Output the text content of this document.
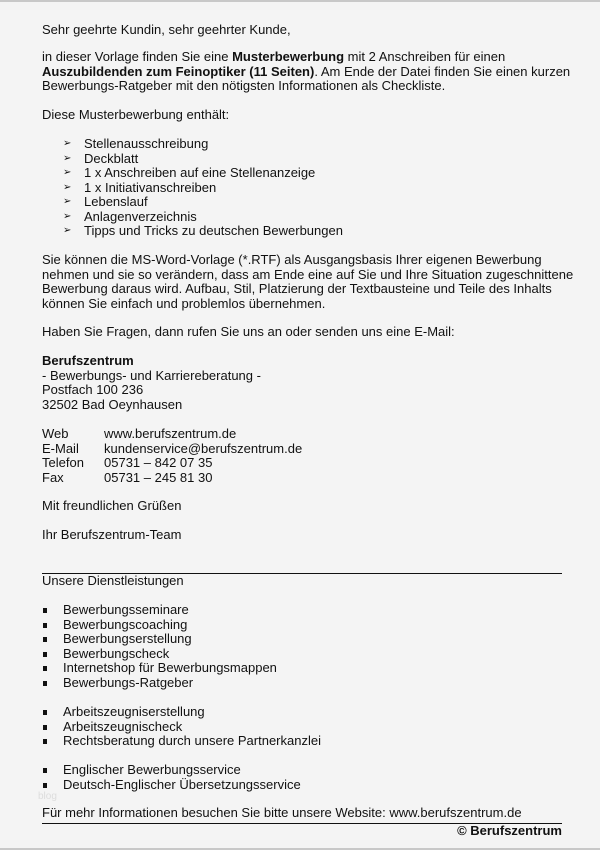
Sehr geehrte Kundin, sehr geehrter Kunde,
in dieser Vorlage finden Sie eine Musterbewerbung mit 2 Anschreiben für einen
Auszubildenden zum Feinoptiker (11 Seiten). Am Ende der Datei finden Sie einen kurzen
Bewerbungs-Ratgeber mit den nötigsten Informationen als Checkliste.
Diese Musterbewerbung enthält:
➢ Stellenausschreibung
➢ Deckblatt
➢ 1 x Anschreiben auf eine Stellenanzeige
➢ 1 x Initiativanschreiben
➢ Lebenslauf
➢ Anlagenverzeichnis
➢ Tipps und Tricks zu deutschen Bewerbungen
Sie können die MS-Word-Vorlage (*.RTF) als Ausgangsbasis Ihrer eigenen Bewerbung
nehmen und sie so verändern, dass am Ende eine auf Sie und Ihre Situation zugeschnittene
Bewerbung daraus wird. Aufbau, Stil, Platzierung der Textbausteine und Teile des Inhalts
können Sie einfach und problemlos übernehmen.
Haben Sie Fragen, dann rufen Sie uns an oder senden uns eine E-Mail:
Berufszentrum
- Bewerbungs- und Karriereberatung -
Postfach 100 236
32502 Bad Oeynhausen
Web	www.berufszentrum.de
E-Mail	kundenservice@berufszentrum.de
Telefon	05731 – 842 07 35
Fax	05731 – 245 81 30
Mit freundlichen Grüßen
Ihr Berufszentrum-Team
Unsere Dienstleistungen
Bewerbungsseminare
Bewerbungscoaching
Bewerbungserstellung
Bewerbungscheck
Internetshop für Bewerbungsmappen
Bewerbungs-Ratgeber
Arbeitszeugniserstellung
Arbeitszeugnischeck
Rechtsberatung durch unsere Partnerkanzlei
Englischer Bewerbungsservice
Deutsch-Englischer Übersetzungsservice
blog
Für mehr Informationen besuchen Sie bitte unsere Website: www.berufszentrum.de
© Berufszentrum
